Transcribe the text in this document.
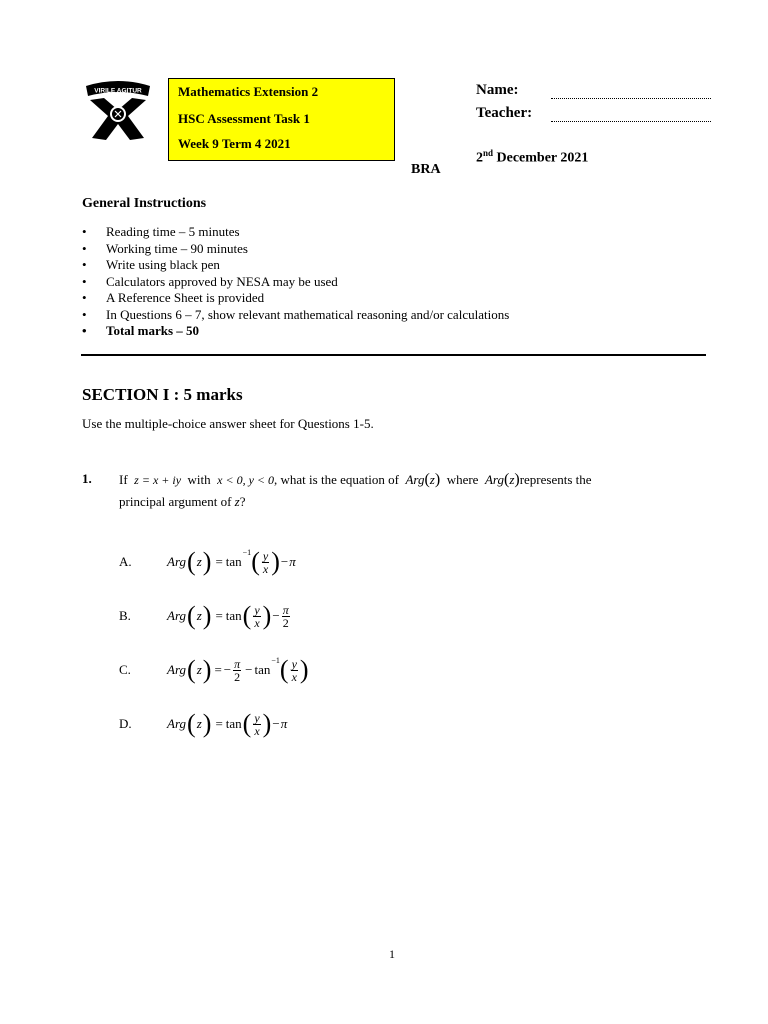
VIRILE AGITUR	Mathematics Extension 2
HSC Assessment Task 1
Week 9 Term 4 2021
BRA
Name:
Teacher:
2nd December 2021
General Instructions
• Reading time – 5 minutes
• Working time – 90 minutes
• Write using black pen
• Calculators approved by NESA may be used
• A Reference Sheet is provided
• In Questions 6 – 7, show relevant mathematical reasoning and/or calculations
• Total marks – 50
SECTION I : 5 marks
Use the multiple-choice answer sheet for Questions 1-5.
1. If z = x + iy with x < 0, y < 0, what is the equation of Arg(z) where Arg(z)represents the
principal argument of z?
A.	Arg ( z ) = tan
$^{-1}$ ( $\frac{y}{x}$ ) − π
B.	Arg ( z ) = tan ( $\frac{y}{x}$ ) − $\frac{\pi}{2}$
C.	Arg ( z ) = − $\frac{\pi}{2} - \tan$
$^{-1}$ ( $\frac{y}{x}$ )
D.	Arg ( z ) = tan ( $\frac{y}{x}$ ) − π
1
